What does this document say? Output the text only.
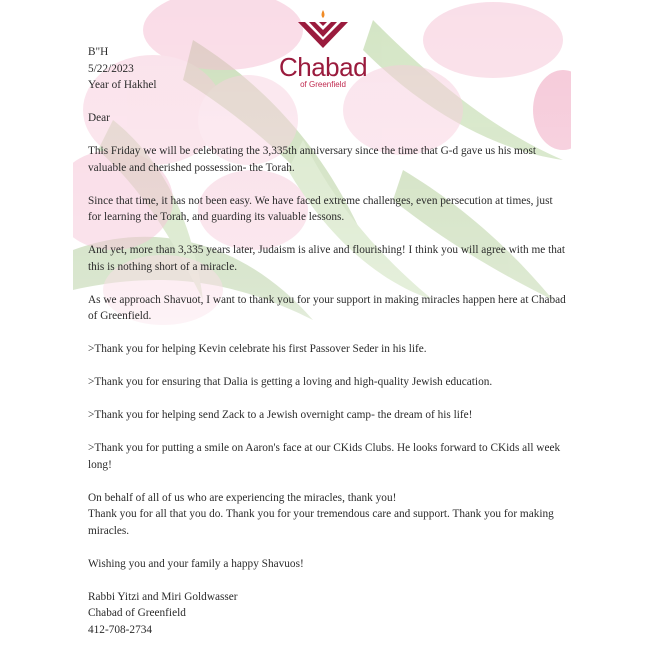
Chabad
of Greenfield

B"H

5/22/2023

Year of Hakhel

Dear

This Friday we will be celebrating the 3,335th anniversary since the time that G-d gave us his most valuable and cherished possession- the Torah.

Since that time, it has not been easy. We have faced extreme challenges, even persecution at times, just for learning the Torah, and guarding its valuable lessons.

And yet, more than 3,335 years later, Judaism is alive and flourishing! I think you will agree with me that this is nothing short of a miracle.

As we approach Shavuot, I want to thank you for your support in making miracles happen here at Chabad of Greenfield.

>Thank you for helping Kevin celebrate his first Passover Seder in his life.

>Thank you for ensuring that Dalia is getting a loving and high-quality Jewish education.

>Thank you for helping send Zack to a Jewish overnight camp- the dream of his life!

>Thank you for putting a smile on Aaron's face at our CKids Clubs. He looks forward to CKids all week long!

On behalf of all of us who are experiencing the miracles, thank you!

Thank you for all that you do. Thank you for your tremendous care and support. Thank you for making miracles.

Wishing you and your family a happy Shavuos!

Rabbi Yitzi and Miri Goldwasser

Chabad of Greenfield

412-708-2734
